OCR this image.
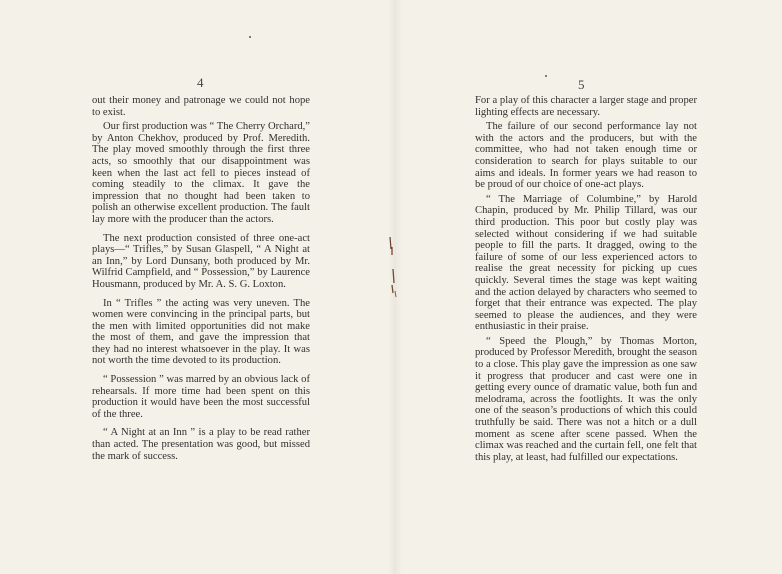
4

out their money and patronage we could not hope to exist.

Our first production was “ The Cherry Orchard,” by Anton Chekhov, produced by Prof. Meredith. The play moved smoothly through the first three acts, so smoothly that our disappointment was keen when the last act fell to pieces instead of coming steadily to the climax. It gave the impression that no thought had been taken to polish an otherwise excellent production. The fault lay more with the producer than the actors.

The next production consisted of three one-act plays—“ Trifles,” by Susan Glaspell, “ A Night at an Inn,” by Lord Dunsany, both produced by Mr. Wilfrid Campfield, and “ Possession,” by Laurence Housmann, produced by Mr. A. S. G. Loxton.

In “ Trifles ” the acting was very uneven. The women were convincing in the principal parts, but the men with limited opportunities did not make the most of them, and gave the impression that they had no interest whatsoever in the play. It was not worth the time devoted to its production.

“ Possession ” was marred by an obvious lack of rehearsals. If more time had been spent on this production it would have been the most successful of the three.

“ A Night at an Inn ” is a play to be read rather than acted. The presentation was good, but missed the mark of success.

5

For a play of this character a larger stage and proper lighting effects are necessary.

The failure of our second performance lay not with the actors and the producers, but with the committee, who had not taken enough time or consideration to search for plays suitable to our aims and ideals. In former years we had reason to be proud of our choice of one-act plays.

“ The Marriage of Columbine,” by Harold Chapin, produced by Mr. Philip Tillard, was our third production. This poor but costly play was selected without considering if we had suitable people to fill the parts. It dragged, owing to the failure of some of our less experienced actors to realise the great necessity for picking up cues quickly. Several times the stage was kept waiting and the action delayed by characters who seemed to forget that their entrance was expected. The play seemed to please the audiences, and they were enthusiastic in their praise.

“ Speed the Plough,” by Thomas Morton, produced by Professor Meredith, brought the season to a close. This play gave the impression as one saw it progress that producer and cast were one in getting every ounce of dramatic value, both fun and melodrama, across the footlights. It was the only one of the season’s productions of which this could truthfully be said. There was not a hitch or a dull moment as scene after scene passed. When the climax was reached and the curtain fell, one felt that this play, at least, had fulfilled our expectations.
